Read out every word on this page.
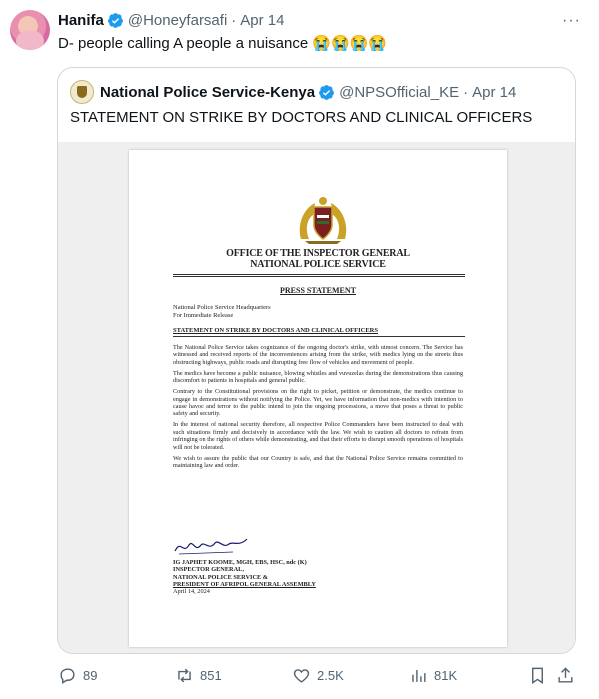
Hanifa @Honeyfarsafi · Apr 14	···
D- people calling A people a nuisance 😭😭😭😭
National Police Service-Kenya @NPSOfficial_KE · Apr 14
STATEMENT ON STRIKE BY DOCTORS AND CLINICAL OFFICERS
OFFICE OF THE INSPECTOR GENERAL
NATIONAL POLICE SERVICE
PRESS STATEMENT
National Police Service Headquarters
For Immediate Release
STATEMENT ON STRIKE BY DOCTORS AND CLINICAL OFFICERS

The National Police Service takes cognizance of the ongoing doctor's strike, with utmost concern. The Service has witnessed and received reports of the inconveniences arising from the strike, with medics lying on the streets thus obstructing highways, public roads and disrupting free flow of vehicles and movement of people.

The medics have become a public nuisance, blowing whistles and vuvuzelas during the demonstrations thus causing discomfort to patients in hospitals and general public.

Contrary to the Constitutional provisions on the right to picket, petition or demonstrate, the medics continue to engage in demonstrations without notifying the Police. Yet, we have information that non-medics with intention to cause havoc and terror to the public intend to join the ongoing processions, a move that poses a threat to public safety and security.

In the interest of national security therefore, all respective Police Commanders have been instructed to deal with such situations firmly and decisively in accordance with the law. We wish to caution all doctors to refrain from infringing on the rights of others while demonstrating, and that their efforts to disrupt smooth operations of hospitals will not be tolerated.

We wish to assure the public that our Country is safe, and that the National Police Service remains committed to maintaining law and order.

IG JAPHET KOOME, MGH, EBS, HSC, ndc (K)
INSPECTOR GENERAL,
NATIONAL POLICE SERVICE &
PRESIDENT OF AFRIPOL GENERAL ASSEMBLY
April 14, 2024
89	851	2.5K	81K
